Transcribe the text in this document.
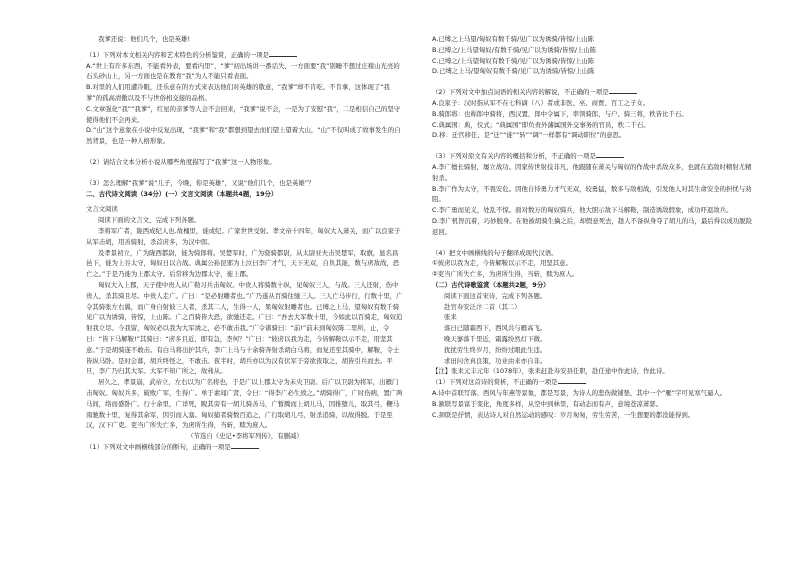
我爹还说：他们几个，也是英雄!

（1）下列对本文相关内容和艺术特色的分析鉴赏，正确的一项是

A.“世上有许多东西，不能看外表，要看内里”，“爹”初出场讲一番话失，一方面要“我”别睡不想过庄稼山光亮的石头砂山上，另一方面也是在教育“我”为人不能只看表面。

B.对里的人们用遭冷眼，还乐意在的方式来表达他们对英雄的敬意，“我爹”却不肯吃、不肯拿，这体现了“我爹”的孤高清傲以及不与世俗相交接的品格。

C.文章强化“我”“我爹”，红星的亲爹等人会不会回来，“我爹”说不会，一是为了安慰“我”，二是相信自己的坚守使得他们不会再来。

D.“山”这个意象在小说中反复出现，“我爹”和“我”都想到望去而们望上望着大山，“山”不仅叫成了故事发生的自然背景，也是一种人格形象。

（2）请结合文本分析小说从哪些角度描写了“我爹”这一人物形象。

（3）怎么理解“我爹”说“儿子，今晚，你是英雄”，又说“他们几个，也是英雄”？

二、古代诗文阅读（34分）(一）文言文阅读（本题共4题，19分）

文言文阅读

阅读下面的文言文，完成下列各题。

李将军广者，陇西成纪人也.故槐里，徙成纪。广家世世受射。孝文帝十四年，匈奴大入萧关，而广以良家子从军击胡，用善骑射，杀首虏多，为汉中郎。

及孝景初立，广为陇西都尉，徙为骑郎将。吴楚军时，广为骁骑都尉，从太尉亚夫击吴楚军，取旗，显名昌邑下，徙为上谷太守，匈奴日以合战。典属公孙昆邪为上泣曰李广才气，天下无双，自负其能，数与虏敌战，恐亡之。”于是乃徙为上郡太守。后常移为边郡太守，徙上郡。

匈奴大入上郡，天子使中贵人从广勒习兵击匈奴。中贵人将骑数十纵，见匈奴三人，与战。三人还射，伤中贵人，杀其骑且尽。中贵人走广。广曰：“是必射雕者也。”广乃遂从百骑往驰三人。三人亡马步行，行数十里，广令其骑张左右翼，而广身自射彼三人者，杀其二人，生得一人，果匈奴射雕者也。已缚之上马，望匈奴有数千骑见广以为诱骑，皆惊，上山陈。广之百骑皆大恐，欲驰还走。广曰：“吾去大军数十里，今如此以百骑走，匈奴追射我立尽。今我留，匈奴必以我为大军诱之，必不敢击我。”广令诸骑曰：“前!”前未到匈奴陈二里所，止，令曰：“皆下马解鞍!”其骑曰：“虏多且近，即有急，柰何？”广曰：“彼虏以我为走，今皆解鞍以示不走，用坚其意。”于是胡骑遂不敢击。有白马将出护其兵，李广上马与十余骑奔射杀胡白马将，而复还至其骑中，解鞍，令士皆纵马卧。是时会暮，胡兵终怪之，不敢击。夜半时，胡兵亦以为汉有伏军于旁欲夜取之，胡皆引兵而去。平旦，李广乃归其大军。大军不知广所之，故弗从。

居久之，孝景崩，武帝立，左右以为广名将也，于是广以上郡太守为未央卫尉。后广以卫尉为将军，出雁门击匈奴。匈奴兵多，破败广军，生得广。单于素闻广贤，令曰：“得李广必生致之。”胡骑得广，广时伤病，置广两马间，络而盛卧广。行十余里，广详死，睨其旁有一胡儿骑善马，广暂腾而上胡儿马，因推堕儿，取其弓，鞭马南驰数十里，复得其余军，因引而入塞。匈奴捕者骑数百追之，广行取胡儿弓，射杀追骑，以故得脱。于是至汉，汉下广吏。吏当广所失亡多，为虏所生得，当斩，赎为庶人。

（节选自《史记•李将军列传》，有删减）

（1）下列对文中画横线部分的断句，正确的一项是

A.已缚之上马望/匈奴有数千骑/见广以为诱骑/皆惊/上山陈

B.已缚之/上马望匈奴/有数千骑/见广以为诱骑/皆惊/上山陈

C.已缚之/上马望匈奴有数千骑/见广以为诱骑/皆惊/上山陈

D.已缚之上马/望匈奴有数千骑/见广以为诱骑/皆惊/上山陈

（2）下列对文中加点词语的相关内容的解说，不正确的一项是

A.良家子：汉时指从军不在七科谪（八）者或非医、巫、商贾、百工之子女。

B.骑郎将：也称郎中骑将，西汉置，郎中令属下，率领骑郎，与户、骑三将，秩皆比千石。

C.典属国：典，仪式；“典属国”即负责外藩属国外交事务的官员，秩二千石。

D.移：迁官移任，是“迁”“徙”“转”“调”一样都有“调动职位”的意思。

（3）下列对原文有关内容的概括和分析，不正确的一项是

A.李广擅长骑射，屡立战功。因家传世射技非凡，他跟随在萧关与匈奴的作战中杀敌众多，也就在追敌时精射尤精射杀。

B.李广作为太守，不畏安危。因他自恃勇力才气无双，较勇猛，数多与敌相战，引发他人对其生命安全的担忧与劝阻。

C.李广勇而见义，处乱不惊。面对数万的匈奴骑兵，他大胆示敌下马解鞍，制造诱敌假象，成功吓退敌兵。

D.李广机智沉着，巧妙脱身。在他被胡骑生擒之后，却假意死去，趁人不备纵身夺了胡儿的马，最后得以成功脱险返回。

（4）把文中画横线的句子翻译成现代汉语。

①彼虏以我为走，今皆解鞍以示不走，用坚其意。

②吏当广所失亡多，为虏所生得，当斩，赎为庶人。

（二）古代诗歌鉴赏（本题共2题，9分）

阅读下面这首宋诗，完成下列各题。

赴官寿安泛汴二首（其二）

张耒

落日已随霜西下，西风共与雁高飞。

晚天寥落千里近，霜露纷然灯下微。

扰扰劳生终岁月，纷纷过眼此生违。

求田问舍真良策，功业由来亦自非。

【注】张耒元丰元年（1078年），张耒赶赴寿安县任职，赴任途中作此诗，作此诗。

（1）下列对这首诗的赏析，不正确的一项是

A.诗中首联写落、西风与年燕等景象，都是写景，为诗人的悲伤做铺垫，其中一个“雁”字可见寒气逼人。

B.颔联写景富于变化，角度多样，从空中到林里，有动态而有声，意境苍凉萧瑟。

C.颈联是抒情，表达诗人对自然运动的感叹：岁月匆匆，劳生劳苦，一生想要的都没能得到。
